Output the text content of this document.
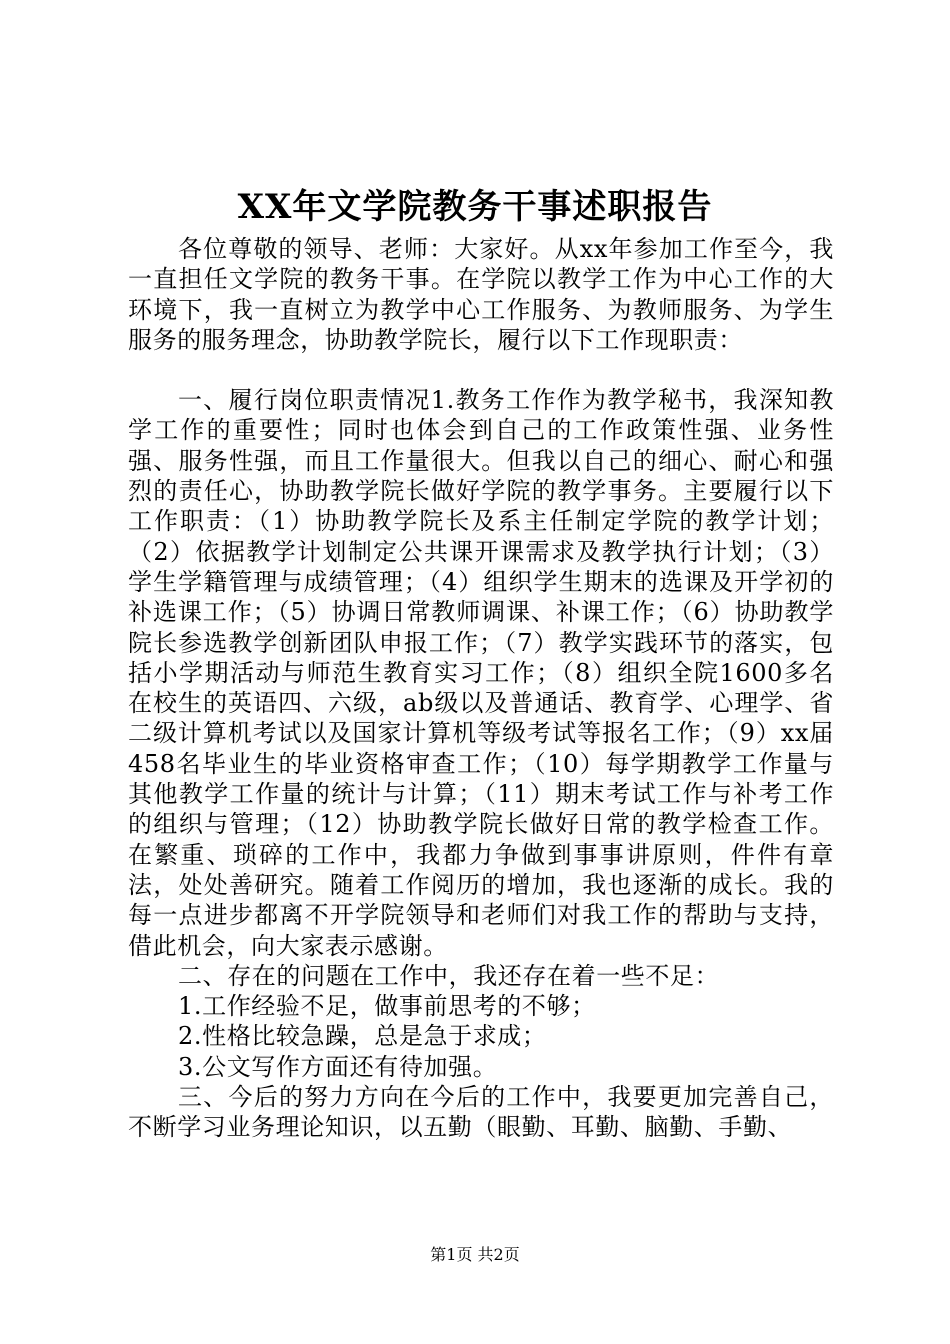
XX年文学院教务干事述职报告

各位尊敬的领导、老师：大家好。从xx年参加工作至今，我一直担任文学院的教务干事。在学院以教学工作为中心工作的大环境下，我一直树立为教学中心工作服务、为教师服务、为学生服务的服务理念，协助教学院长，履行以下工作现职责：

一、履行岗位职责情况1.教务工作作为教学秘书，我深知教学工作的重要性；同时也体会到自己的工作政策性强、业务性强、服务性强，而且工作量很大。但我以自己的细心、耐心和强烈的责任心，协助教学院长做好学院的教学事务。主要履行以下工作职责：（1）协助教学院长及系主任制定学院的教学计划；（2）依据教学计划制定公共课开课需求及教学执行计划；（3）学生学籍管理与成绩管理；（4）组织学生期末的选课及开学初的补选课工作；（5）协调日常教师调课、补课工作；（6）协助教学院长参选教学创新团队申报工作；（7）教学实践环节的落实，包括小学期活动与师范生教育实习工作；（8）组织全院1600多名在校生的英语四、六级，ab级以及普通话、教育学、心理学、省二级计算机考试以及国家计算机等级考试等报名工作；（9）xx届458名毕业生的毕业资格审查工作；（10）每学期教学工作量与其他教学工作量的统计与计算；（11）期末考试工作与补考工作的组织与管理；（12）协助教学院长做好日常的教学检查工作。在繁重、琐碎的工作中，我都力争做到事事讲原则，件件有章法，处处善研究。随着工作阅历的增加，我也逐渐的成长。我的每一点进步都离不开学院领导和老师们对我工作的帮助与支持，借此机会，向大家表示感谢。

二、存在的问题在工作中，我还存在着一些不足：

1.工作经验不足，做事前思考的不够；

2.性格比较急躁，总是急于求成；

3.公文写作方面还有待加强。

三、今后的努力方向在今后的工作中，我要更加完善自己，不断学习业务理论知识，以五勤（眼勤、耳勤、脑勤、手勤、

第1页 共2页
